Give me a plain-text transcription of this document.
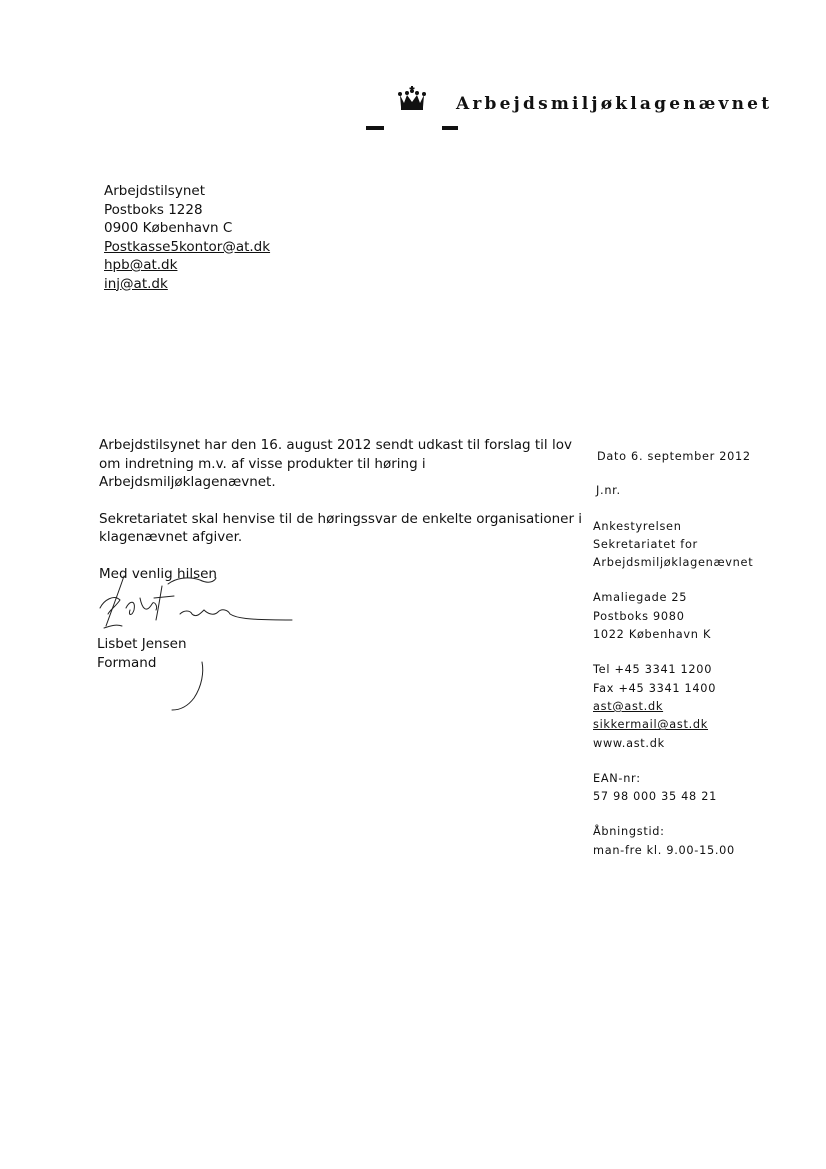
Arbejdsmiljøklagenævnet
Arbejdstilsynet
Postboks 1228
0900 København C
Postkasse5kontor@at.dk
hpb@at.dk
inj@at.dk

Arbejdstilsynet har den 16. august 2012 sendt udkast til forslag til lov om indretning m.v. af visse produkter til høring i Arbejdsmiljøklagenævnet.

Sekretariatet skal henvise til de høringssvar de enkelte organisationer i klagenævnet afgiver.

Med venlig hilsen

Lisbet Jensen
Formand
Dato 6. september 2012
J.nr.
Ankestyrelsen
Sekretariatet for
Arbejdsmiljøklagenævnet
Amaliegade 25
Postboks 9080
1022 København K
Tel +45 3341 1200
Fax +45 3341 1400
ast@ast.dk
sikkermail@ast.dk
www.ast.dk
EAN-nr:
57 98 000 35 48 21
Åbningstid:
man-fre kl. 9.00-15.00
